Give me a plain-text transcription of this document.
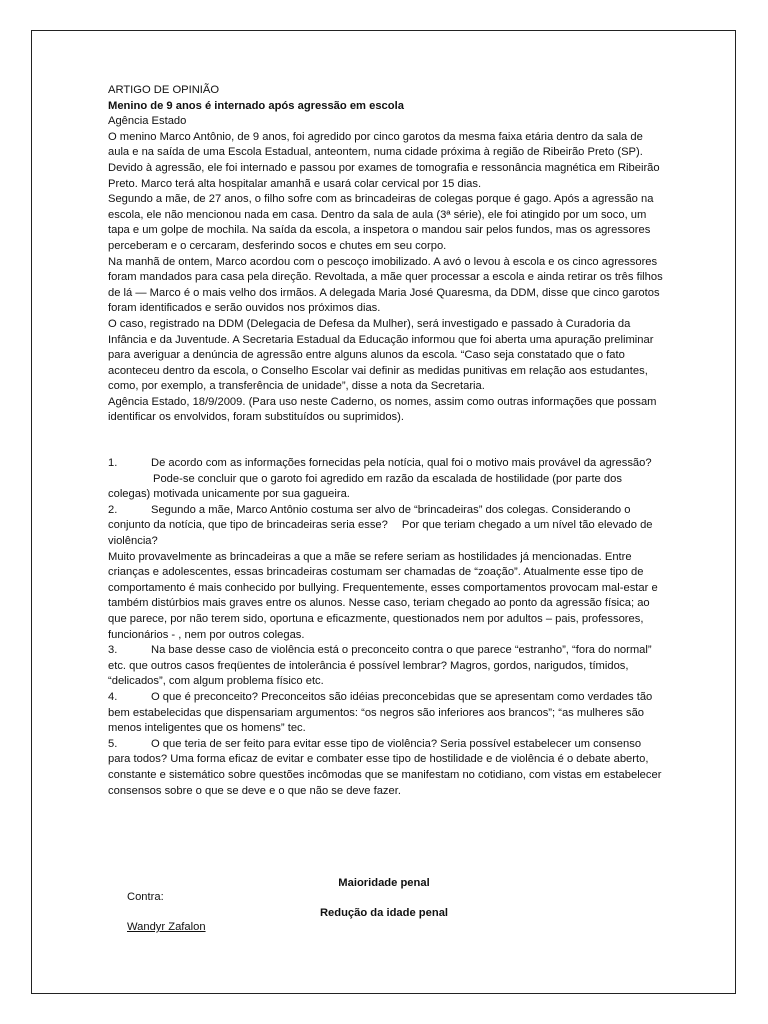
ARTIGO DE OPINIÃO

Menino de 9 anos é internado após agressão em escola

Agência Estado

O menino Marco Antônio, de 9 anos, foi agredido por cinco garotos da mesma faixa etária dentro da sala de aula e na saída de uma Escola Estadual, anteontem, numa cidade próxima à região de Ribeirão Preto (SP). Devido à agressão, ele foi internado e passou por exames de tomografia e ressonância magnética em Ribeirão Preto. Marco terá alta hospitalar amanhã e usará colar cervical por 15 dias.

Segundo a mãe, de 27 anos, o filho sofre com as brincadeiras de colegas porque é gago. Após a agressão na escola, ele não mencionou nada em casa. Dentro da sala de aula (3ª série), ele foi atingido por um soco, um tapa e um golpe de mochila. Na saída da escola, a inspetora o mandou sair pelos fundos, mas os agressores perceberam e o cercaram, desferindo socos e chutes em seu corpo.

Na manhã de ontem, Marco acordou com o pescoço imobilizado. A avó o levou à escola e os cinco agressores foram mandados para casa pela direção. Revoltada, a mãe quer processar a escola e ainda retirar os três filhos de lá — Marco é o mais velho dos irmãos. A delegada Maria José Quaresma, da DDM, disse que cinco garotos foram identificados e serão ouvidos nos próximos dias.

O caso, registrado na DDM (Delegacia de Defesa da Mulher), será investigado e passado à Curadoria da Infância e da Juventude. A Secretaria Estadual da Educação informou que foi aberta uma apuração preliminar para averiguar a denúncia de agressão entre alguns alunos da escola. “Caso seja constatado que o fato aconteceu dentro da escola, o Conselho Escolar vai definir as medidas punitivas em relação aos estudantes, como, por exemplo, a transferência de unidade”, disse a nota da Secretaria.

Agência Estado, 18/9/2009. (Para uso neste Caderno, os nomes, assim como outras informações que possam identificar os envolvidos, foram substituídos ou suprimidos).

1.	De acordo com as informações fornecidas pela notícia, qual foi o motivo mais provável da agressão?Pode-se concluir que o garoto foi agredido em razão da escalada de hostilidade (por parte dos colegas) motivada unicamente por sua gagueira.

2.	Segundo a mãe, Marco Antônio costuma ser alvo de “brincadeiras” dos colegas. Considerando o conjunto da notícia, que tipo de brincadeiras seria esse? Por que teriam chegado a um nível tão elevado de violência?

Muito provavelmente as brincadeiras a que a mãe se refere seriam as hostilidades já mencionadas. Entre crianças e adolescentes, essas brincadeiras costumam ser chamadas de “zoação”. Atualmente esse tipo de comportamento é mais conhecido por bullying. Frequentemente, esses comportamentos provocam mal-estar e também distúrbios mais graves entre os alunos. Nesse caso, teriam chegado ao ponto da agressão física; ao que parece, por não terem sido, oportuna e eficazmente, questionados nem por adultos – pais, professores, funcionários - , nem por outros colegas.

3.	Na base desse caso de violência está o preconceito contra o que parece “estranho”, “fora do normal” etc. que outros casos freqüentes de intolerância é possível lembrar? Magros, gordos, narigudos, tímidos, “delicados”, com algum problema físico etc.

4.	O que é preconceito? Preconceitos são idéias preconcebidas que se apresentam como verdades tão bem estabelecidas que dispensariam argumentos: “os negros são inferiores aos brancos”; “as mulheres são menos inteligentes que os homens” tec.

5.	O que teria de ser feito para evitar esse tipo de violência? Seria possível estabelecer um consenso para todos? Uma forma eficaz de evitar e combater esse tipo de hostilidade e de violência é o debate aberto, constante e sistemático sobre questões incômodas que se manifestam no cotidiano, com vistas em estabelecer consensos sobre o que se deve e o que não se deve fazer.

Maioridade penal
Contra:
Redução da idade penal
Wandyr Zafalon
